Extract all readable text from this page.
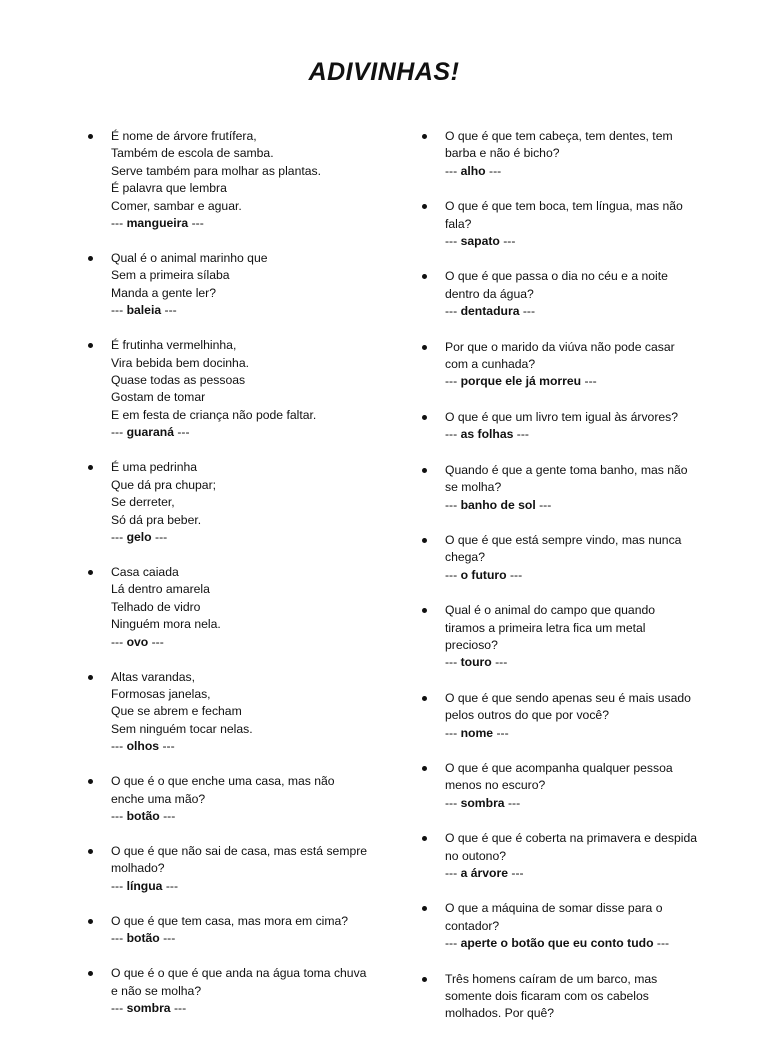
ADIVINHAS!
É nome de árvore frutífera,
Também de escola de samba.
Serve também para molhar as plantas.
É palavra que lembra
Comer, sambar e aguar.
--- mangueira ---
Qual é o animal marinho que
Sem a primeira sílaba
Manda a gente ler?
--- baleia ---
É frutinha vermelhinha,
Vira bebida bem docinha.
Quase todas as pessoas
Gostam de tomar
E em festa de criança não pode faltar.
--- guaraná ---
É uma pedrinha
Que dá pra chupar;
Se derreter,
Só dá pra beber.
--- gelo ---
Casa caiada
Lá dentro amarela
Telhado de vidro
Ninguém mora nela.
--- ovo ---
Altas varandas,
Formosas janelas,
Que se abrem e fecham
Sem ninguém tocar nelas.
--- olhos ---
O que é o que enche uma casa, mas não
enche uma mão?
--- botão ---
O que é que não sai de casa, mas está sempre
molhado?
--- língua ---
O que é que tem casa, mas mora em cima?
--- botão ---
O que é o que é que anda na água toma chuva
e não se molha?
--- sombra ---
O que é que tem cabeça, tem dentes, tem
barba e não é bicho?
--- alho ---
O que é que tem boca, tem língua, mas não
fala?
--- sapato ---
O que é que passa o dia no céu e a noite
dentro da água?
--- dentadura ---
Por que o marido da viúva não pode casar
com a cunhada?
--- porque ele já morreu ---
O que é que um livro tem igual às árvores?
--- as folhas ---
Quando é que a gente toma banho, mas não
se molha?
--- banho de sol ---
O que é que está sempre vindo, mas nunca
chega?
--- o futuro ---
Qual é o animal do campo que quando
tiramos a primeira letra fica um metal
precioso?
--- touro ---
O que é que sendo apenas seu é mais usado
pelos outros do que por você?
--- nome ---
O que é que acompanha qualquer pessoa
menos no escuro?
--- sombra ---
O que é que é coberta na primavera e despida
no outono?
--- a árvore ---
O que a máquina de somar disse para o
contador?
--- aperte o botão que eu conto tudo ---
Três homens caíram de um barco, mas
somente dois ficaram com os cabelos
molhados. Por quê?
